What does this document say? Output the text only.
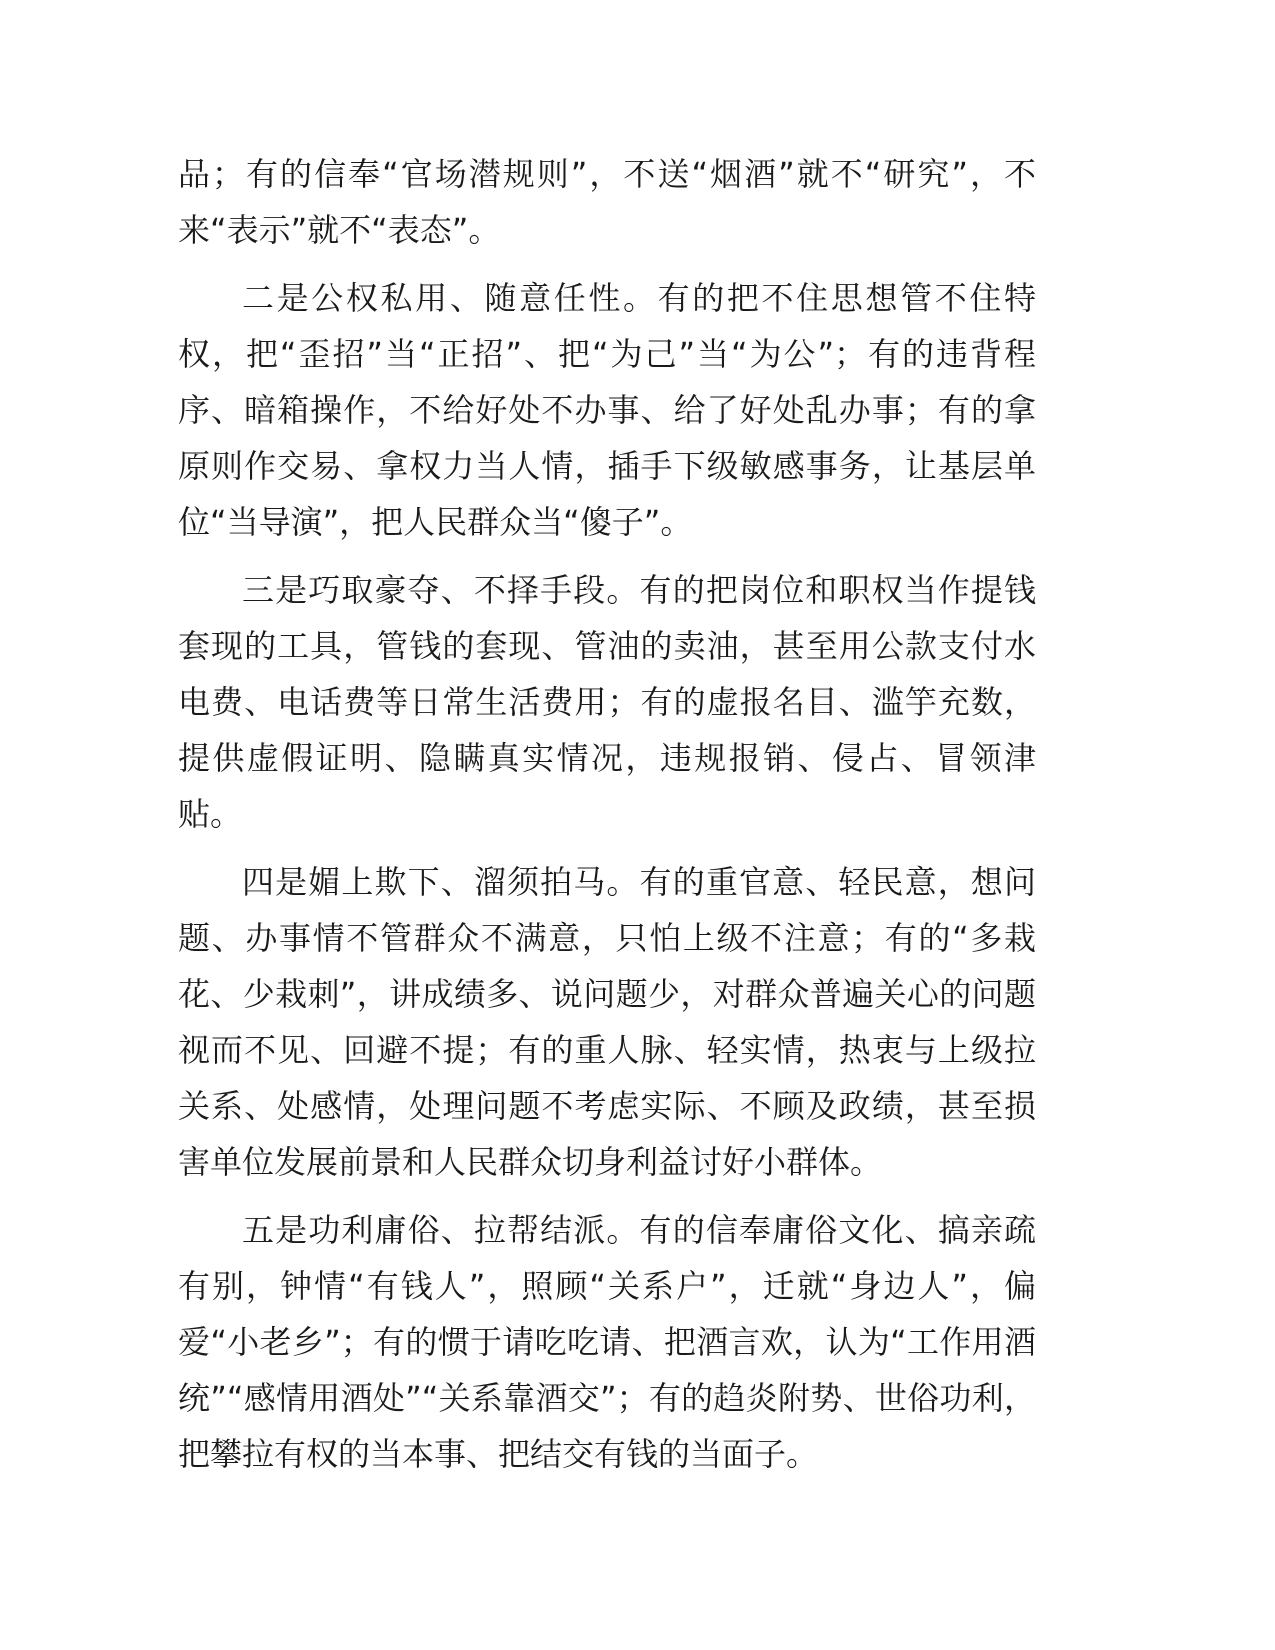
品；有的信奉“官场潜规则”，不送“烟酒”就不“研究”，不来“表示”就不“表态”。

二是公权私用、随意任性。有的把不住思想管不住特权，把“歪招”当“正招”、把“为己”当“为公”；有的违背程序、暗箱操作，不给好处不办事、给了好处乱办事；有的拿原则作交易、拿权力当人情，插手下级敏感事务，让基层单位“当导演”，把人民群众当“傻子”。

三是巧取豪夺、不择手段。有的把岗位和职权当作提钱套现的工具，管钱的套现、管油的卖油，甚至用公款支付水电费、电话费等日常生活费用；有的虚报名目、滥竽充数，提供虚假证明、隐瞒真实情况，违规报销、侵占、冒领津贴。

四是媚上欺下、溜须拍马。有的重官意、轻民意，想问题、办事情不管群众不满意，只怕上级不注意；有的“多栽花、少栽刺”，讲成绩多、说问题少，对群众普遍关心的问题视而不见、回避不提；有的重人脉、轻实情，热衷与上级拉关系、处感情，处理问题不考虑实际、不顾及政绩，甚至损害单位发展前景和人民群众切身利益讨好小群体。

五是功利庸俗、拉帮结派。有的信奉庸俗文化、搞亲疏有别，钟情“有钱人”，照顾“关系户”，迁就“身边人”，偏爱“小老乡”；有的惯于请吃吃请、把酒言欢，认为“工作用酒统”“感情用酒处”“关系靠酒交”；有的趋炎附势、世俗功利，把攀拉有权的当本事、把结交有钱的当面子。
